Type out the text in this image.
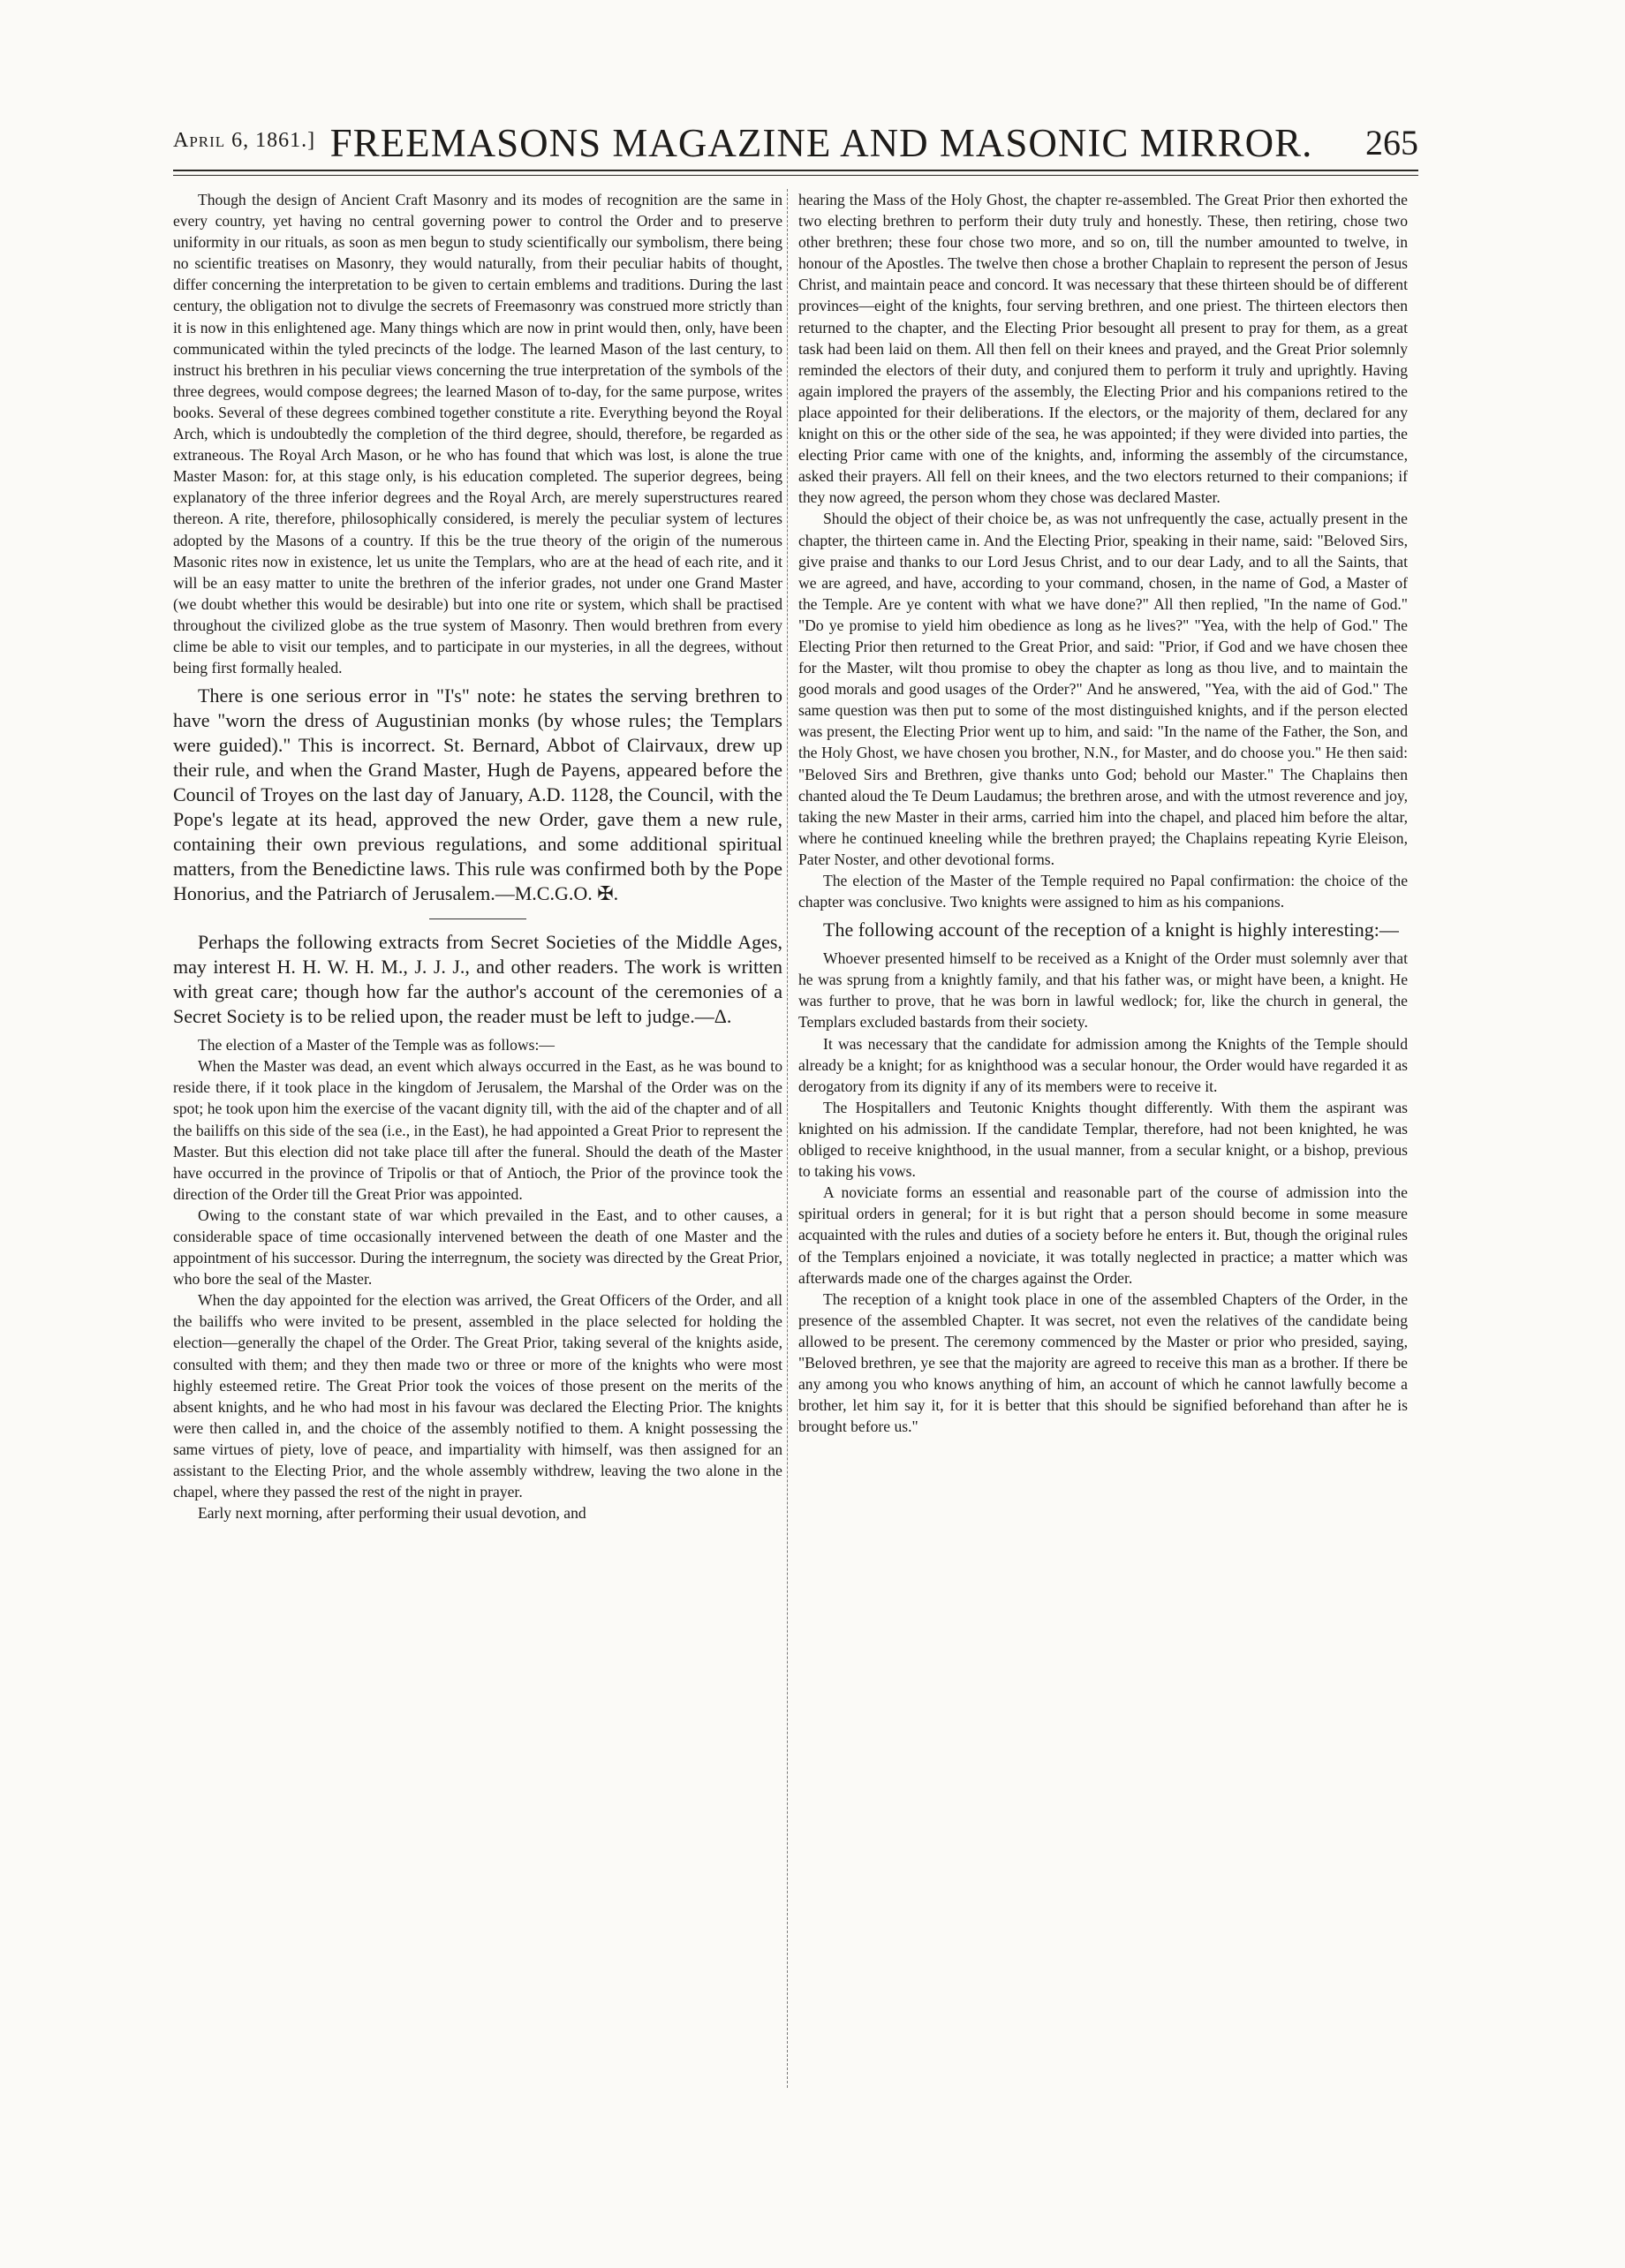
April 6, 1861.] FREEMASONS MAGAZINE AND MASONIC MIRROR. 265

Though the design of Ancient Craft Masonry and its modes of recognition are the same in every country, yet having no central governing power to control the Order and to preserve uniformity in our rituals, as soon as men begun to study scientifically our symbolism, there being no scientific treatises on Masonry, they would naturally, from their peculiar habits of thought, differ concerning the interpretation to be given to certain emblems and traditions. During the last century, the obligation not to divulge the secrets of Freemasonry was construed more strictly than it is now in this enlightened age. Many things which are now in print would then, only, have been communicated within the tyled precincts of the lodge. The learned Mason of the last century, to instruct his brethren in his peculiar views concerning the true interpretation of the symbols of the three degrees, would compose degrees; the learned Mason of to-day, for the same purpose, writes books. Several of these degrees combined together constitute a rite. Everything beyond the Royal Arch, which is undoubtedly the completion of the third degree, should, therefore, be regarded as extraneous. The Royal Arch Mason, or he who has found that which was lost, is alone the true Master Mason: for, at this stage only, is his education completed. The superior degrees, being explanatory of the three inferior degrees and the Royal Arch, are merely superstructures reared thereon. A rite, therefore, philosophically considered, is merely the peculiar system of lectures adopted by the Masons of a country. If this be the true theory of the origin of the numerous Masonic rites now in existence, let us unite the Templars, who are at the head of each rite, and it will be an easy matter to unite the brethren of the inferior grades, not under one Grand Master (we doubt whether this would be desirable) but into one rite or system, which shall be practised throughout the civilized globe as the true system of Masonry. Then would brethren from every clime be able to visit our temples, and to participate in our mysteries, in all the degrees, without being first formally healed.

There is one serious error in "I's" note: he states the serving brethren to have "worn the dress of Augustinian monks (by whose rules; the Templars were guided)." This is incorrect. St. Bernard, Abbot of Clairvaux, drew up their rule, and when the Grand Master, Hugh de Payens, appeared before the Council of Troyes on the last day of January, A.D. 1128, the Council, with the Pope's legate at its head, approved the new Order, gave them a new rule, containing their own previous regulations, and some additional spiritual matters, from the Benedictine laws. This rule was confirmed both by the Pope Honorius, and the Patriarch of Jerusalem.—M.C.G.O. ✠.

Perhaps the following extracts from Secret Societies of the Middle Ages, may interest H. H. W. H. M., J. J. J., and other readers. The work is written with great care; though how far the author's account of the ceremonies of a Secret Society is to be relied upon, the reader must be left to judge.—Δ.

The election of a Master of the Temple was as follows:—

When the Master was dead, an event which always occurred in the East, as he was bound to reside there, if it took place in the kingdom of Jerusalem, the Marshal of the Order was on the spot; he took upon him the exercise of the vacant dignity till, with the aid of the chapter and of all the bailiffs on this side of the sea (i.e., in the East), he had appointed a Great Prior to represent the Master. But this election did not take place till after the funeral. Should the death of the Master have occurred in the province of Tripolis or that of Antioch, the Prior of the province took the direction of the Order till the Great Prior was appointed.

Owing to the constant state of war which prevailed in the East, and to other causes, a considerable space of time occasionally intervened between the death of one Master and the appointment of his successor. During the interregnum, the society was directed by the Great Prior, who bore the seal of the Master.

When the day appointed for the election was arrived, the Great Officers of the Order, and all the bailiffs who were invited to be present, assembled in the place selected for holding the election—generally the chapel of the Order. The Great Prior, taking several of the knights aside, consulted with them; and they then made two or three or more of the knights who were most highly esteemed retire. The Great Prior took the voices of those present on the merits of the absent knights, and he who had most in his favour was declared the Electing Prior. The knights were then called in, and the choice of the assembly notified to them. A knight possessing the same virtues of piety, love of peace, and impartiality with himself, was then assigned for an assistant to the Electing Prior, and the whole assembly withdrew, leaving the two alone in the chapel, where they passed the rest of the night in prayer.

Early next morning, after performing their usual devotion, and

hearing the Mass of the Holy Ghost, the chapter re-assembled. The Great Prior then exhorted the two electing brethren to perform their duty truly and honestly. These, then retiring, chose two other brethren; these four chose two more, and so on, till the number amounted to twelve, in honour of the Apostles. The twelve then chose a brother Chaplain to represent the person of Jesus Christ, and maintain peace and concord. It was necessary that these thirteen should be of different provinces—eight of the knights, four serving brethren, and one priest. The thirteen electors then returned to the chapter, and the Electing Prior besought all present to pray for them, as a great task had been laid on them. All then fell on their knees and prayed, and the Great Prior solemnly reminded the electors of their duty, and conjured them to perform it truly and uprightly. Having again implored the prayers of the assembly, the Electing Prior and his companions retired to the place appointed for their deliberations. If the electors, or the majority of them, declared for any knight on this or the other side of the sea, he was appointed; if they were divided into parties, the electing Prior came with one of the knights, and, informing the assembly of the circumstance, asked their prayers. All fell on their knees, and the two electors returned to their companions; if they now agreed, the person whom they chose was declared Master.

Should the object of their choice be, as was not unfrequently the case, actually present in the chapter, the thirteen came in. And the Electing Prior, speaking in their name, said: "Beloved Sirs, give praise and thanks to our Lord Jesus Christ, and to our dear Lady, and to all the Saints, that we are agreed, and have, according to your command, chosen, in the name of God, a Master of the Temple. Are ye content with what we have done?" All then replied, "In the name of God." "Do ye promise to yield him obedience as long as he lives?" "Yea, with the help of God." The Electing Prior then returned to the Great Prior, and said: "Prior, if God and we have chosen thee for the Master, wilt thou promise to obey the chapter as long as thou live, and to maintain the good morals and good usages of the Order?" And he answered, "Yea, with the aid of God." The same question was then put to some of the most distinguished knights, and if the person elected was present, the Electing Prior went up to him, and said: "In the name of the Father, the Son, and the Holy Ghost, we have chosen you brother, N.N., for Master, and do choose you." He then said: "Beloved Sirs and Brethren, give thanks unto God; behold our Master." The Chaplains then chanted aloud the Te Deum Laudamus; the brethren arose, and with the utmost reverence and joy, taking the new Master in their arms, carried him into the chapel, and placed him before the altar, where he continued kneeling while the brethren prayed; the Chaplains repeating Kyrie Eleison, Pater Noster, and other devotional forms.

The election of the Master of the Temple required no Papal confirmation: the choice of the chapter was conclusive. Two knights were assigned to him as his companions.

The following account of the reception of a knight is highly interesting:—

Whoever presented himself to be received as a Knight of the Order must solemnly aver that he was sprung from a knightly family, and that his father was, or might have been, a knight. He was further to prove, that he was born in lawful wedlock; for, like the church in general, the Templars excluded bastards from their society.

It was necessary that the candidate for admission among the Knights of the Temple should already be a knight; for as knighthood was a secular honour, the Order would have regarded it as derogatory from its dignity if any of its members were to receive it.

The Hospitallers and Teutonic Knights thought differently. With them the aspirant was knighted on his admission. If the candidate Templar, therefore, had not been knighted, he was obliged to receive knighthood, in the usual manner, from a secular knight, or a bishop, previous to taking his vows.

A noviciate forms an essential and reasonable part of the course of admission into the spiritual orders in general; for it is but right that a person should become in some measure acquainted with the rules and duties of a society before he enters it. But, though the original rules of the Templars enjoined a noviciate, it was totally neglected in practice; a matter which was afterwards made one of the charges against the Order.

The reception of a knight took place in one of the assembled Chapters of the Order, in the presence of the assembled Chapter. It was secret, not even the relatives of the candidate being allowed to be present. The ceremony commenced by the Master or prior who presided, saying, "Beloved brethren, ye see that the majority are agreed to receive this man as a brother. If there be any among you who knows anything of him, an account of which he cannot lawfully become a brother, let him say it, for it is better that this should be signified beforehand than after he is brought before us."
